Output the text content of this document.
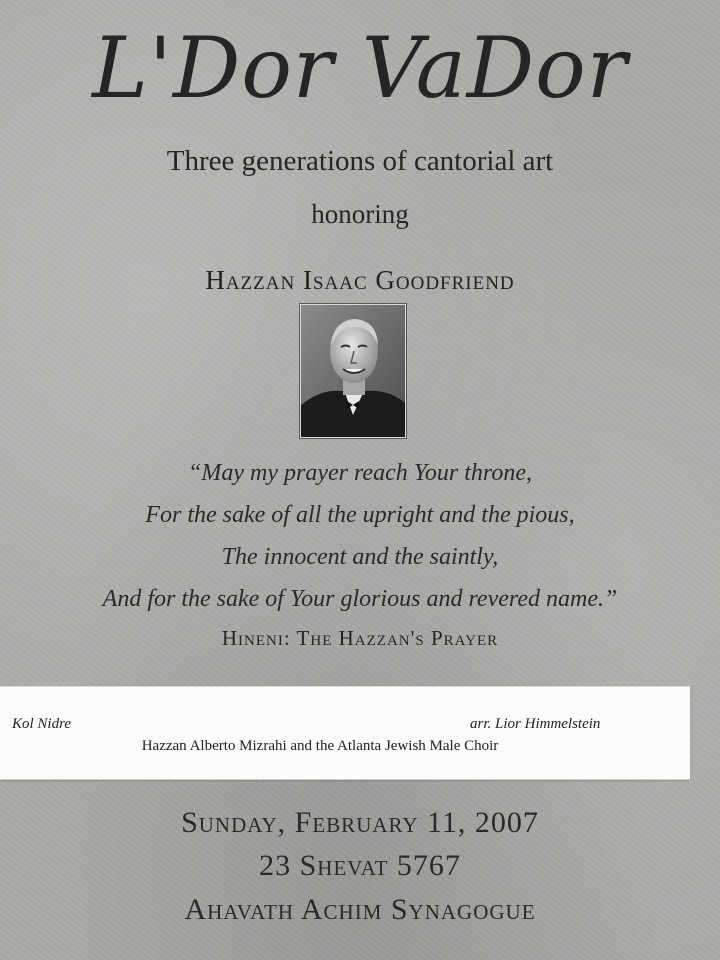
L'Dor VaDor
Three generations of cantorial art
honoring
Hazzan Isaac Goodfriend
“May my prayer reach Your throne,
For the sake of all the upright and the pious,
The innocent and the saintly,
And for the sake of Your glorious and revered name.”
Hineni: The Hazzan's Prayer
Kol Nidre	arr. Lior Himmelstein
Hazzan Alberto Mizrahi and the Atlanta Jewish Male Choir
Sunday, February 11, 2007
23 Shevat 5767
Ahavath Achim Synagogue
